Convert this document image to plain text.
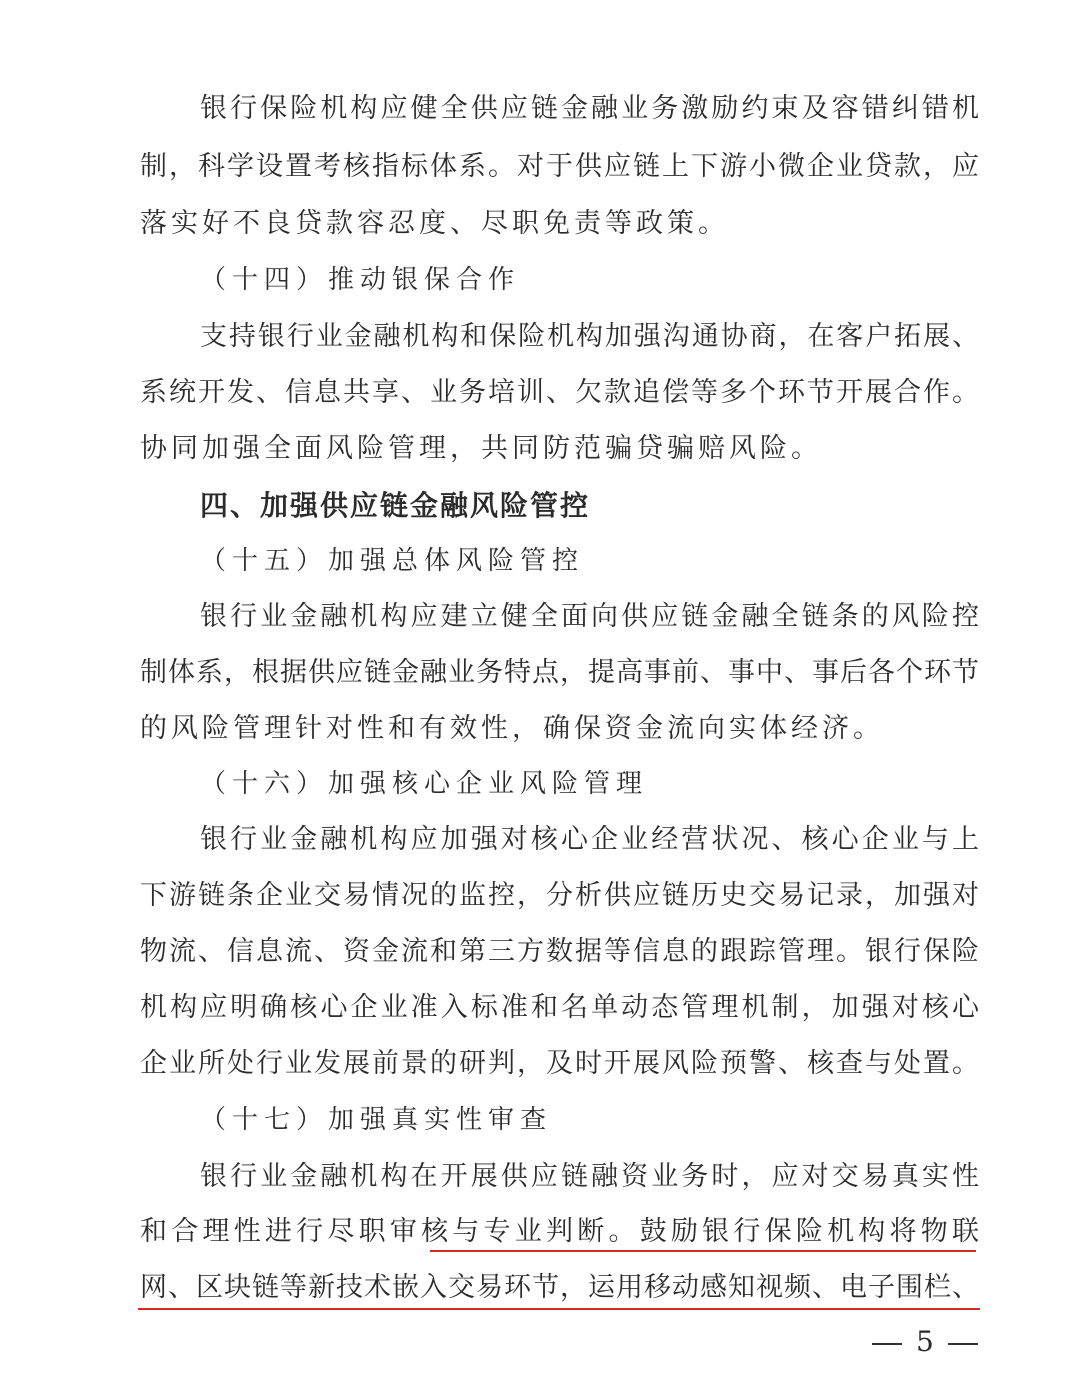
银行保险机构应健全供应链金融业务激励约束及容错纠错机
制，科学设置考核指标体系。对于供应链上下游小微企业贷款，应
落实好不良贷款容忍度、尽职免责等政策。
（十四）推动银保合作
支持银行业金融机构和保险机构加强沟通协商，在客户拓展、
系统开发、信息共享、业务培训、欠款追偿等多个环节开展合作。
协同加强全面风险管理，共同防范骗贷骗赔风险。
四、加强供应链金融风险管控
（十五）加强总体风险管控
银行业金融机构应建立健全面向供应链金融全链条的风险控
制体系，根据供应链金融业务特点，提高事前、事中、事后各个环节
的风险管理针对性和有效性，确保资金流向实体经济。
（十六）加强核心企业风险管理
银行业金融机构应加强对核心企业经营状况、核心企业与上
下游链条企业交易情况的监控，分析供应链历史交易记录，加强对
物流、信息流、资金流和第三方数据等信息的跟踪管理。银行保险
机构应明确核心企业准入标准和名单动态管理机制，加强对核心
企业所处行业发展前景的研判，及时开展风险预警、核查与处置。
（十七）加强真实性审查
银行业金融机构在开展供应链融资业务时，应对交易真实性
和合理性进行尽职审核与专业判断。鼓励银行保险机构将物联
网、区块链等新技术嵌入交易环节，运用移动感知视频、电子围栏、
5
